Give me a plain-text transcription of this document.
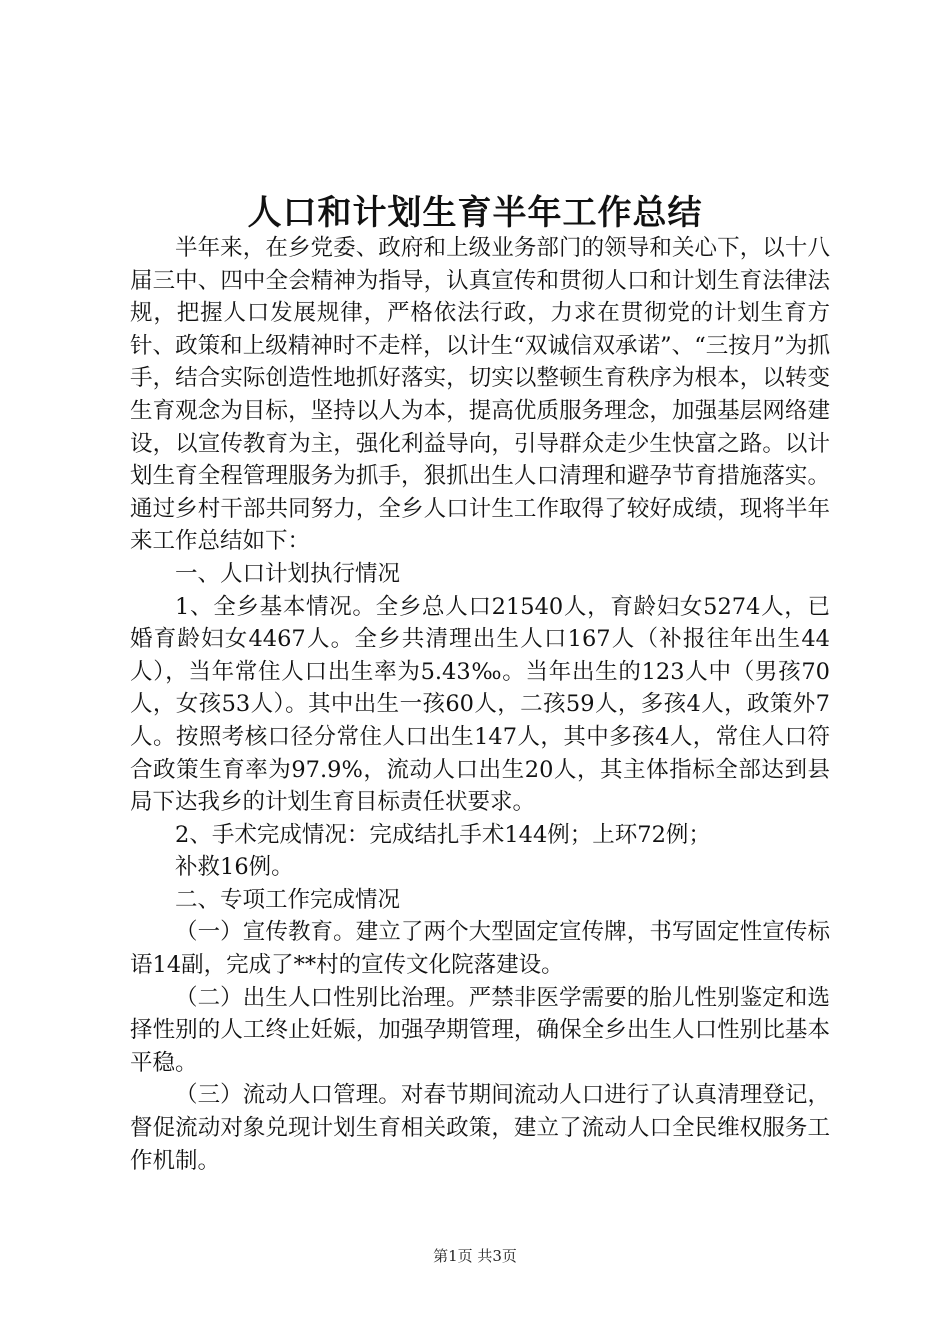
人口和计划生育半年工作总结

半年来，在乡党委、政府和上级业务部门的领导和关心下，以十八届三中、四中全会精神为指导，认真宣传和贯彻人口和计划生育法律法规，把握人口发展规律，严格依法行政，力求在贯彻党的计划生育方针、政策和上级精神时不走样，以计生“双诚信双承诺”、“三按月”为抓手，结合实际创造性地抓好落实，切实以整顿生育秩序为根本，以转变生育观念为目标，坚持以人为本，提高优质服务理念，加强基层网络建设，以宣传教育为主，强化利益导向，引导群众走少生快富之路。以计划生育全程管理服务为抓手，狠抓出生人口清理和避孕节育措施落实。通过乡村干部共同努力，全乡人口计生工作取得了较好成绩，现将半年来工作总结如下：

一、人口计划执行情况

1、全乡基本情况。全乡总人口21540人，育龄妇女5274人，已婚育龄妇女4467人。全乡共清理出生人口167人（补报往年出生44人），当年常住人口出生率为5.43‰。当年出生的123人中（男孩70人，女孩53人）。其中出生一孩60人，二孩59人，多孩4人，政策外7人。按照考核口径分常住人口出生147人，其中多孩4人，常住人口符合政策生育率为97.9%，流动人口出生20人，其主体指标全部达到县局下达我乡的计划生育目标责任状要求。

2、手术完成情况：完成结扎手术144例；上环72例；

补救16例。

二、专项工作完成情况

（一）宣传教育。建立了两个大型固定宣传牌，书写固定性宣传标语14副，完成了**村的宣传文化院落建设。

（二）出生人口性别比治理。严禁非医学需要的胎儿性别鉴定和选择性别的人工终止妊娠，加强孕期管理，确保全乡出生人口性别比基本平稳。

（三）流动人口管理。对春节期间流动人口进行了认真清理登记，督促流动对象兑现计划生育相关政策，建立了流动人口全民维权服务工作机制。

第1页 共3页
